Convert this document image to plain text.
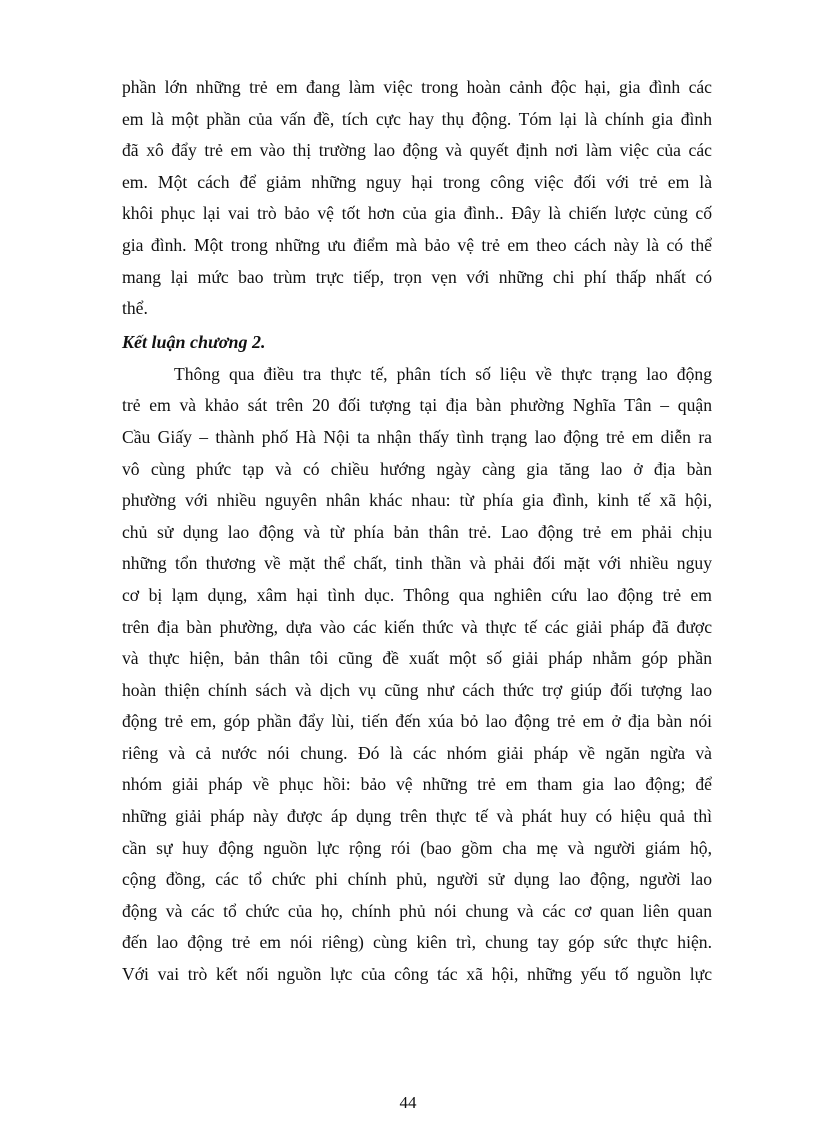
phần lớn những trẻ em đang làm việc trong hoàn cảnh độc hại, gia đình các
em là một phần của vấn đề, tích cực hay thụ động. Tóm lại là chính gia đình
đã xô đẩy trẻ em vào thị trường lao động và quyết định nơi làm việc của các
em. Một cách để giảm những nguy hại trong công việc đối với trẻ em là
khôi phục lại vai trò bảo vệ tốt hơn của gia đình.. Đây là chiến lược củng cố
gia đình. Một trong những ưu điểm mà bảo vệ trẻ em theo cách này là có thể
mang lại mức bao trùm trực tiếp, trọn vẹn với những chi phí thấp nhất có
thể.
Kết luận chương 2.
Thông qua điều tra thực tế, phân tích số liệu về thực trạng lao động
trẻ em và khảo sát trên 20 đối tượng tại địa bàn phường Nghĩa Tân – quận
Cầu Giấy – thành phố Hà Nội ta nhận thấy tình trạng lao động trẻ em diễn ra
vô cùng phức tạp và có chiều hướng ngày càng gia tăng lao ở địa bàn
phường với nhiều nguyên nhân khác nhau: từ phía gia đình, kinh tế xã hội,
chủ sử dụng lao động và từ phía bản thân trẻ. Lao động trẻ em phải chịu
những tổn thương về mặt thể chất, tinh thần và phải đối mặt với nhiều nguy
cơ bị lạm dụng, xâm hại tình dục. Thông qua nghiên cứu lao động trẻ em
trên địa bàn phường, dựa vào các kiến thức và thực tế các giải pháp đã được
và thực hiện, bản thân tôi cũng đề xuất một số giải pháp nhằm góp phần
hoàn thiện chính sách và dịch vụ cũng như cách thức trợ giúp đối tượng lao
động trẻ em, góp phần đẩy lùi, tiến đến xúa bỏ lao động trẻ em ở địa bàn nói
riêng và cả nước nói chung. Đó là các nhóm giải pháp về ngăn ngừa và
nhóm giải pháp về phục hồi: bảo vệ những trẻ em tham gia lao động; để
những giải pháp này được áp dụng trên thực tế và phát huy có hiệu quả thì
cần sự huy động nguồn lực rộng rói (bao gồm cha mẹ và người giám hộ,
cộng đồng, các tổ chức phi chính phủ, người sử dụng lao động, người lao
động và các tổ chức của họ, chính phủ nói chung và các cơ quan liên quan
đến lao động trẻ em nói riêng) cùng kiên trì, chung tay góp sức thực hiện.
Với vai trò kết nối nguồn lực của công tác xã hội, những yếu tố nguồn lực
44
